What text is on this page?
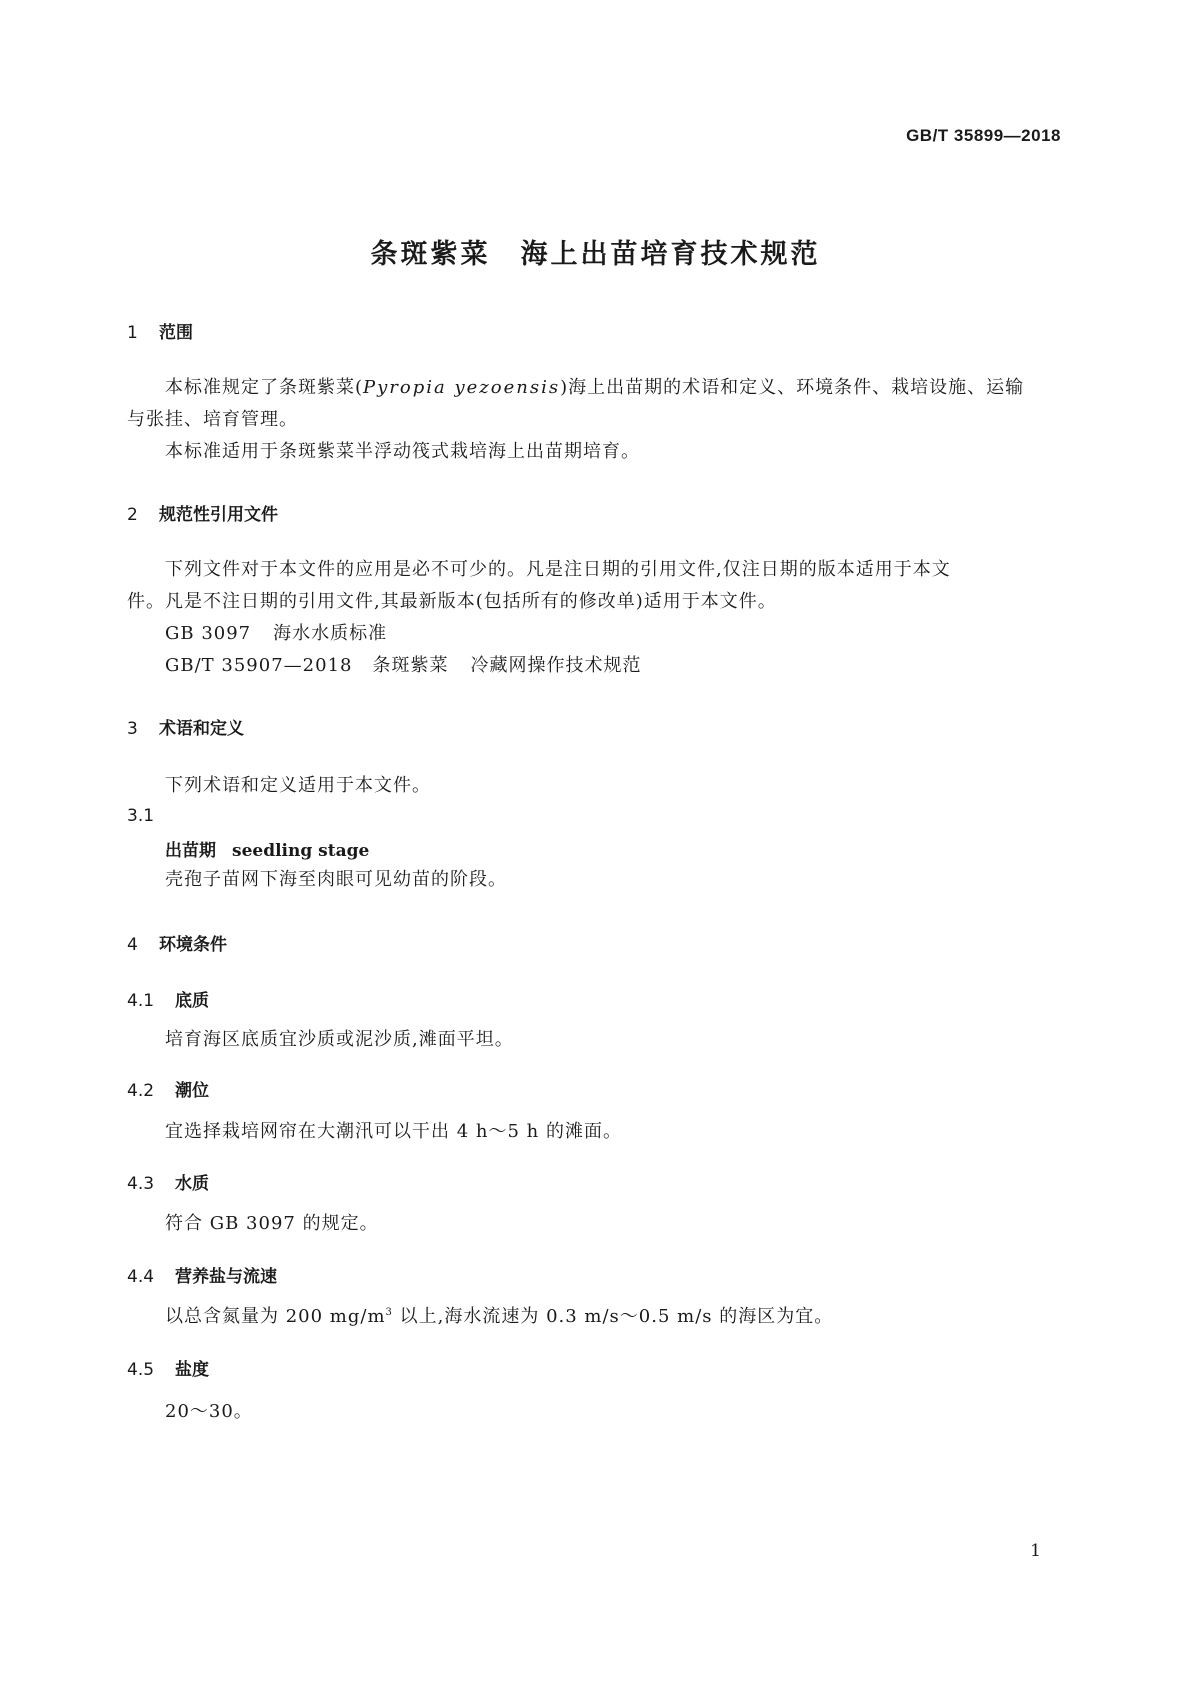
GB/T 35899—2018
条斑紫菜　海上出苗培育技术规范
1 范围
本标准规定了条斑紫菜(Pyropia yezoensis)海上出苗期的术语和定义、环境条件、栽培设施、运输
与张挂、培育管理。
本标准适用于条斑紫菜半浮动筏式栽培海上出苗期培育。
2 规范性引用文件
下列文件对于本文件的应用是必不可少的。凡是注日期的引用文件,仅注日期的版本适用于本文
件。凡是不注日期的引用文件,其最新版本(包括所有的修改单)适用于本文件。
GB 3097 海水水质标准
GB/T 35907—2018 条斑紫菜 冷藏网操作技术规范
3 术语和定义
下列术语和定义适用于本文件。
3.1
出苗期 seedling stage
壳孢子苗网下海至肉眼可见幼苗的阶段。
4 环境条件
4.1 底质
培育海区底质宜沙质或泥沙质,滩面平坦。
4.2 潮位
宜选择栽培网帘在大潮汛可以干出 4 h～5 h 的滩面。
4.3 水质
符合 GB 3097 的规定。
4.4 营养盐与流速
以总含氮量为 200 $mg/m^3$ 以上,海水流速为 0.3 m/s～0.5 m/s 的海区为宜。
4.5 盐度
20～30。
1
